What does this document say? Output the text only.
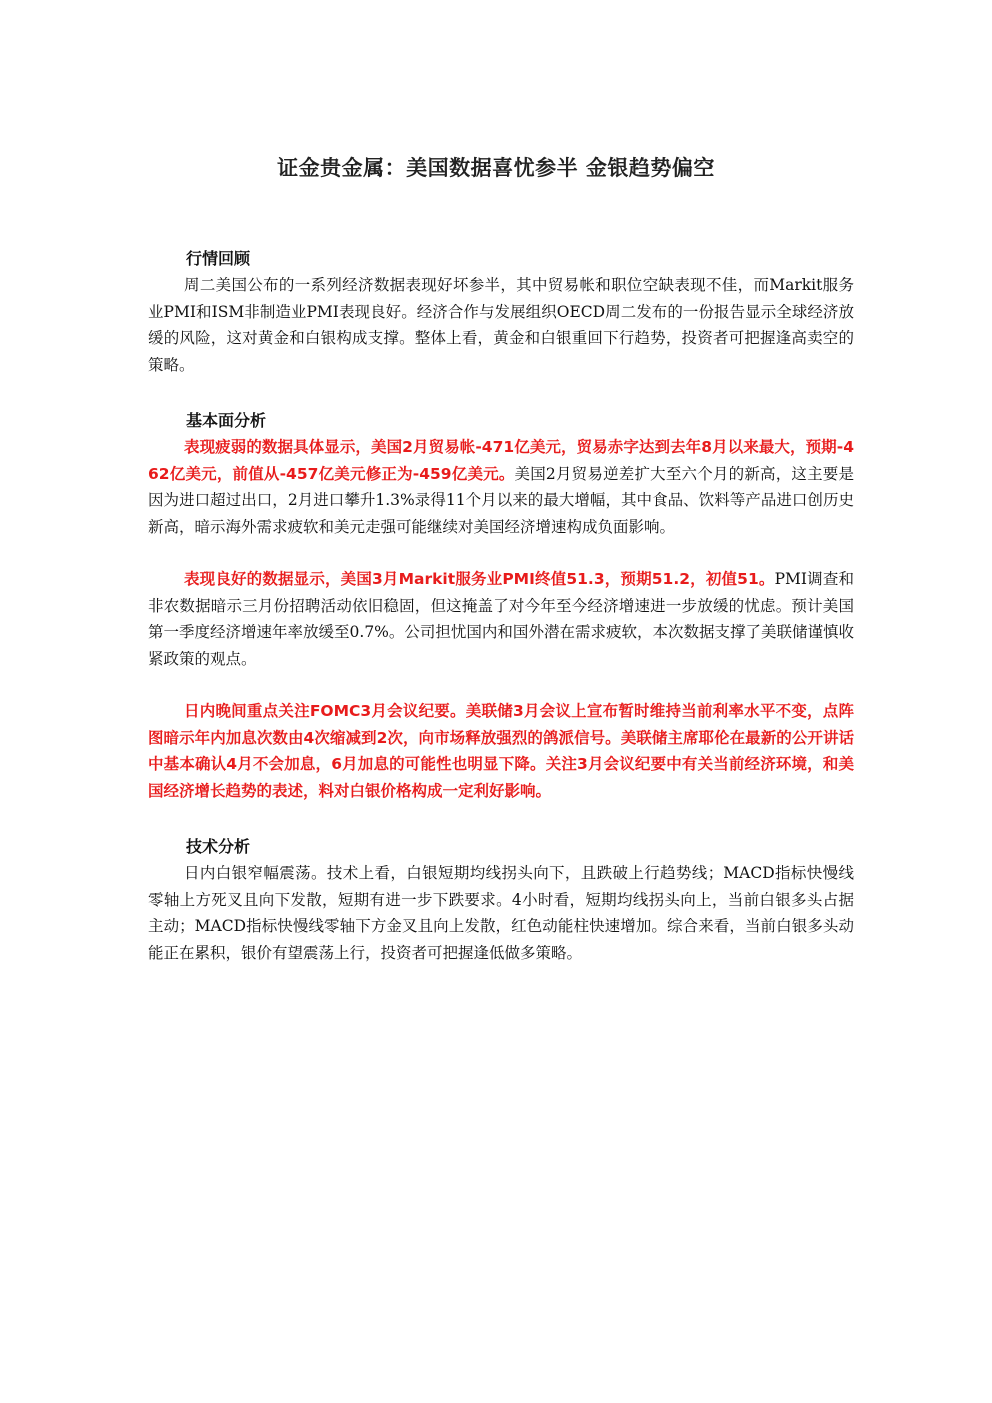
证金贵金属：美国数据喜忧参半 金银趋势偏空

行情回顾

周二美国公布的一系列经济数据表现好坏参半，其中贸易帐和职位空缺表现不佳，而Markit服务业PMI和ISM非制造业PMI表现良好。经济合作与发展组织OECD周二发布的一份报告显示全球经济放缓的风险，这对黄金和白银构成支撑。整体上看，黄金和白银重回下行趋势，投资者可把握逢高卖空的策略。

基本面分析

表现疲弱的数据具体显示，美国2月贸易帐-471亿美元，贸易赤字达到去年8月以来最大，预期-462亿美元，前值从-457亿美元修正为-459亿美元。美国2月贸易逆差扩大至六个月的新高，这主要是因为进口超过出口，2月进口攀升1.3%录得11个月以来的最大增幅，其中食品、饮料等产品进口创历史新高，暗示海外需求疲软和美元走强可能继续对美国经济增速构成负面影响。

表现良好的数据显示，美国3月Markit服务业PMI终值51.3，预期51.2，初值51。PMI调查和非农数据暗示三月份招聘活动依旧稳固，但这掩盖了对今年至今经济增速进一步放缓的忧虑。预计美国第一季度经济增速年率放缓至0.7%。公司担忧国内和国外潜在需求疲软，本次数据支撑了美联储谨慎收紧政策的观点。

日内晚间重点关注FOMC3月会议纪要。美联储3月会议上宣布暂时维持当前利率水平不变，点阵图暗示年内加息次数由4次缩减到2次，向市场释放强烈的鸽派信号。美联储主席耶伦在最新的公开讲话中基本确认4月不会加息，6月加息的可能性也明显下降。关注3月会议纪要中有关当前经济环境，和美国经济增长趋势的表述，料对白银价格构成一定利好影响。

技术分析

日内白银窄幅震荡。技术上看，白银短期均线拐头向下，且跌破上行趋势线；MACD指标快慢线零轴上方死叉且向下发散，短期有进一步下跌要求。4小时看，短期均线拐头向上，当前白银多头占据主动；MACD指标快慢线零轴下方金叉且向上发散，红色动能柱快速增加。综合来看，当前白银多头动能正在累积，银价有望震荡上行，投资者可把握逢低做多策略。
